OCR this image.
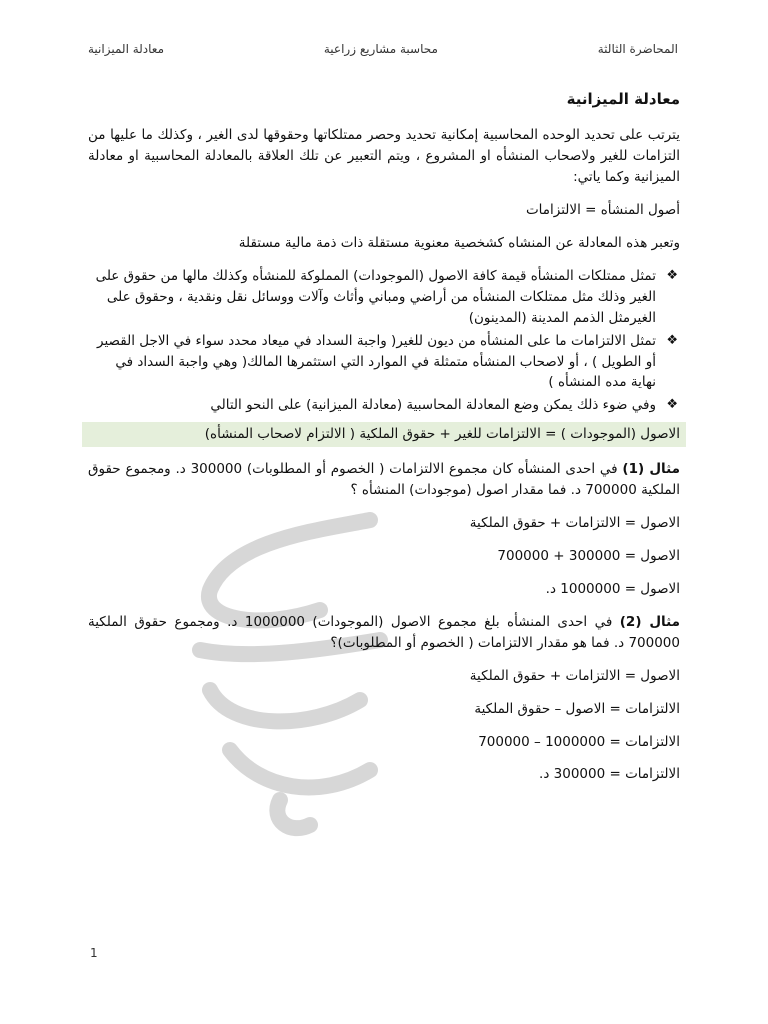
معادلة الميزانية	محاسبة مشاريع زراعية	المحاضرة الثالثة
معادلة الميزانية

يترتب على تحديد الوحده المحاسبية إمكانية تحديد وحصر ممتلكاتها وحقوقها لدى الغير ، وكذلك ما عليها من التزامات للغير ولاصحاب المنشأه او المشروع ، ويتم التعبير عن تلك العلاقة بالمعادلة المحاسبية او معادلة الميزانية وكما ياتي:

أصول المنشأه = الالتزامات

وتعبر هذه المعادلة عن المنشاه كشخصية معنوية مستقلة ذات ذمة مالية مستقلة

❖
تمثل ممتلكات المنشأه قيمة كافة الاصول (الموجودات) المملوكة للمنشأه وكذلك مالها من حقوق على الغير وذلك مثل ممتلكات المنشأه من أراضي ومباني وأثاث وآلات ووسائل نقل ونقدية ، وحقوق على الغيرمثل الذمم المدينة (المدينون)
❖
تمثل الالتزامات ما على المنشأه من ديون للغير( واجبة السداد في ميعاد محدد سواء في الاجل القصير أو الطويل ) ، أو لاصحاب المنشأه متمثلة في الموارد التي استثمرها المالك( وهي واجبة السداد في نهاية مده المنشأه )
❖
وفي ضوء ذلك يمكن وضع المعادلة المحاسبية (معادلة الميزانية) على النحو التالي
الاصول (الموجودات ) = الالتزامات للغير + حقوق الملكية ( الالتزام لاصحاب المنشأه)

مثال (1) في احدى المنشأه كان مجموع الالتزامات ( الخصوم أو المطلوبات) 300000 د. ومجموع حقوق الملكية 700000 د. فما مقدار اصول (موجودات) المنشأه ؟

الاصول = الالتزامات + حقوق الملكية

الاصول = 300000 + 700000

الاصول = 1000000 د.

مثال (2) في احدى المنشأه بلغ مجموع الاصول (الموجودات) 1000000 د. ومجموع حقوق الملكية 700000 د. فما هو مقدار الالتزامات ( الخصوم أو المطلوبات)؟

الاصول = الالتزامات + حقوق الملكية

الالتزامات = الاصول – حقوق الملكية

الالتزامات = 1000000 – 700000

الالتزامات = 300000 د.

1
